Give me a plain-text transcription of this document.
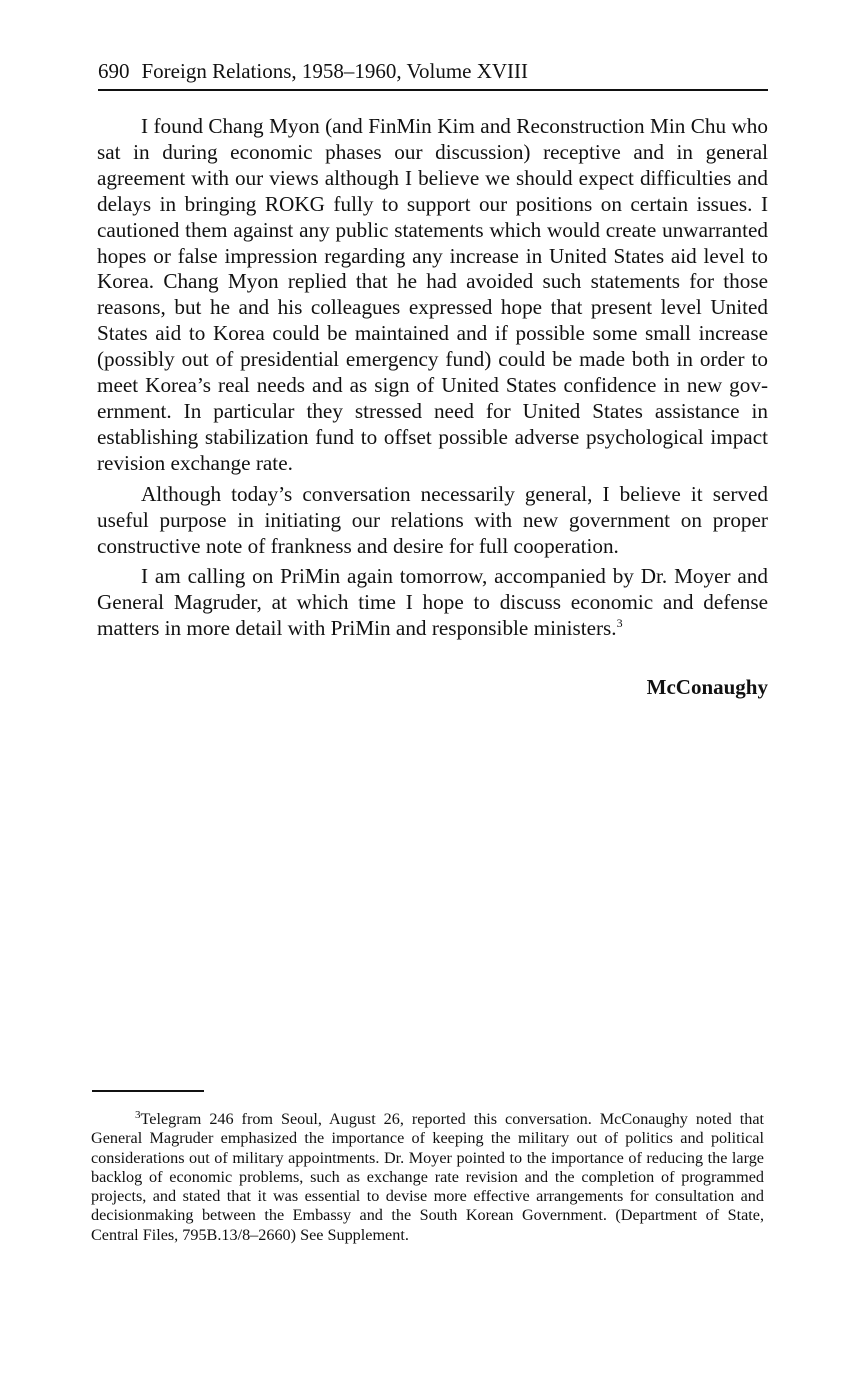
690 Foreign Relations, 1958–1960, Volume XVIII

I found Chang Myon (and FinMin Kim and Reconstruction Min Chu who sat in during economic phases our discussion) receptive and in general agreement with our views although I believe we should expect difficulties and delays in bringing ROKG fully to support our positions on certain issues. I cautioned them against any public statements which would create unwarranted hopes or false impression regarding any increase in United States aid level to Korea. Chang Myon replied that he had avoided such statements for those reasons, but he and his colleagues expressed hope that present level United States aid to Korea could be maintained and if possible some small increase (possibly out of presidential emergency fund) could be made both in order to meet Korea’s real needs and as sign of United States confidence in new government. In particular they stressed need for United States assistance in establishing stabilization fund to offset possible adverse psychological impact revision exchange rate.

Although today’s conversation necessarily general, I believe it served useful purpose in initiating our relations with new government on proper constructive note of frankness and desire for full cooperation.

I am calling on PriMin again tomorrow, accompanied by Dr. Moyer and General Magruder, at which time I hope to discuss economic and defense matters in more detail with PriMin and responsible ministers.$^3$

McConaughy
$^3$Telegram 246 from Seoul, August 26, reported this conversation. McConaughy noted that General Magruder emphasized the importance of keeping the military out of politics and political considerations out of military appointments. Dr. Moyer pointed to the importance of reducing the large backlog of economic problems, such as exchange rate revision and the completion of programmed projects, and stated that it was essential to devise more effective arrangements for consultation and decisionmaking between the Embassy and the South Korean Government. (Department of State, Central Files, 795B.13/8–2660) See Supplement.
